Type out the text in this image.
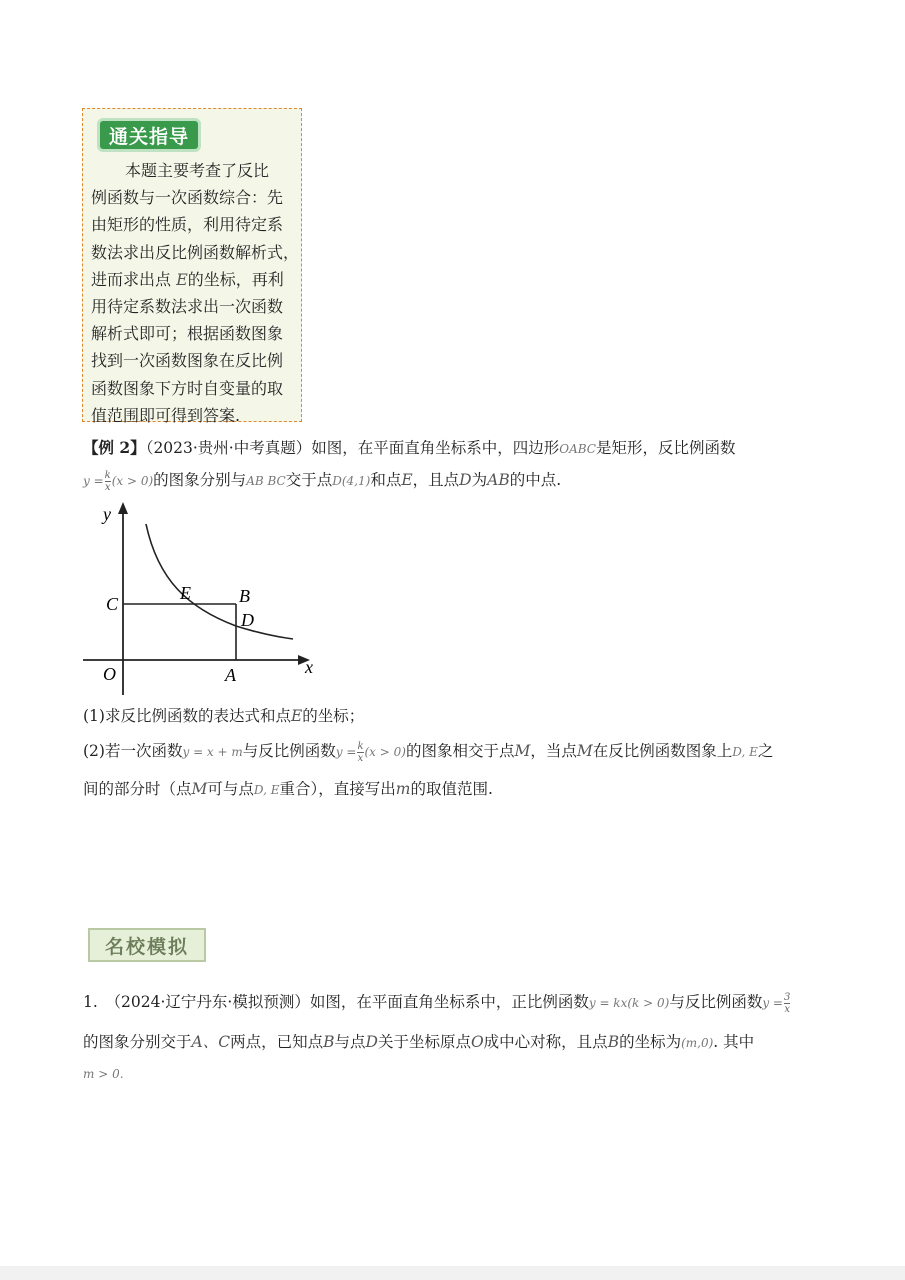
通关指导
本题主要考查了反比
例函数与一次函数综合：先
由矩形的性质，利用待定系
数法求出反比例函数解析式，
进而求出点 E的坐标，再利
用待定系数法求出一次函数
解析式即可；根据函数图象
找到一次函数图象在反比例
函数图象下方时自变量的取
值范围即可得到答案.
【例 2】（2023·贵州·中考真题）如图，在平面直角坐标系中，四边形OABC是矩形，反比例函数
$y = \frac{k}{x} (x > 0)$的图象分别与AB BC交于点D(4,1)和点E，且点D为AB的中点.
y
x
O	A
B
C
D
E
(1)求反比例函数的表达式和点E的坐标；
(2)若一次函数y = x + m与反比例函数$y = \frac{k}{x} (x > 0)$的图象相交于点M，当点M在反比例函数图象上D, E之
间的部分时（点M可与点D, E重合），直接写出m的取值范围.
名校模拟
1.　（2024·辽宁丹东·模拟预测）如图，在平面直角坐标系中，正比例函数y = kx(k > 0)与反比例函数$y = \frac{3}{x}$
的图象分别交于A、C两点，已知点B与点D关于坐标原点O成中心对称，且点B的坐标为(m,0). 其中
m > 0.
